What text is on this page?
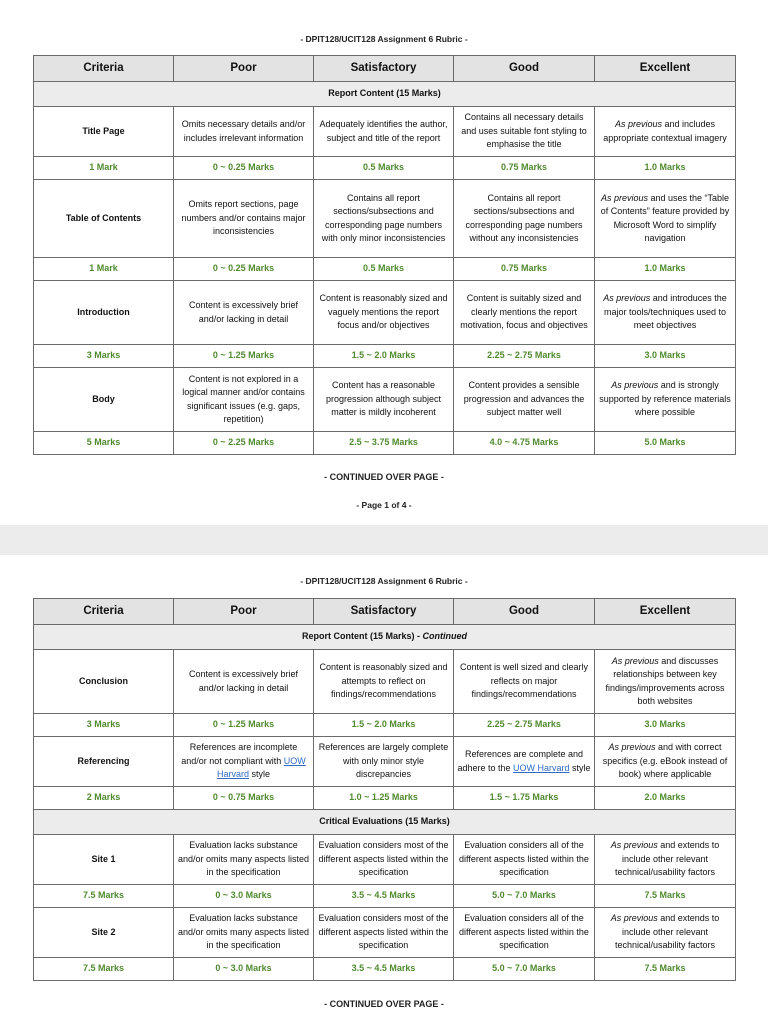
- DPIT128/UCIT128 Assignment 6 Rubric -
Criteria	Poor	Satisfactory	Good	Excellent
Report Content (15 Marks)				
Title Page	Omits necessary details and/or includes irrelevant information	Adequately identifies the author, subject and title of the report	Contains all necessary details and uses suitable font styling to emphasise the title	As previous and includes appropriate contextual imagery
1 Mark	0 ~ 0.25 Marks	0.5 Marks	0.75 Marks	1.0 Marks
Table of Contents	Omits report sections, page numbers and/or contains major inconsistencies	Contains all report sections/subsections and corresponding page numbers with only minor inconsistencies	Contains all report sections/subsections and corresponding page numbers without any inconsistencies	As previous and uses the “Table of Contents” feature provided by Microsoft Word to simplify navigation
1 Mark	0 ~ 0.25 Marks	0.5 Marks	0.75 Marks	1.0 Marks
Introduction	Content is excessively brief and/or lacking in detail	Content is reasonably sized and vaguely mentions the report focus and/or objectives	Content is suitably sized and clearly mentions the report motivation, focus and objectives	As previous and introduces the major tools/techniques used to meet objectives
3 Marks	0 ~ 1.25 Marks	1.5 ~ 2.0 Marks	2.25 ~ 2.75 Marks	3.0 Marks
Body	Content is not explored in a logical manner and/or contains significant issues (e.g. gaps, repetition)	Content has a reasonable progression although subject matter is mildly incoherent	Content provides a sensible progression and advances the subject matter well	As previous and is strongly supported by reference materials where possible
5 Marks	0 ~ 2.25 Marks	2.5 ~ 3.75 Marks	4.0 ~ 4.75 Marks	5.0 Marks
- CONTINUED OVER PAGE -
- Page 1 of 4 -
- DPIT128/UCIT128 Assignment 6 Rubric -
Criteria	Poor	Satisfactory	Good	Excellent
Report Content (15 Marks) - Continued				
Conclusion	Content is excessively brief and/or lacking in detail	Content is reasonably sized and attempts to reflect on findings/recommendations	Content is well sized and clearly reflects on major findings/recommendations	As previous and discusses relationships between key findings/improvements across both websites
3 Marks	0 ~ 1.25 Marks	1.5 ~ 2.0 Marks	2.25 ~ 2.75 Marks	3.0 Marks
Referencing	References are incomplete and/or not compliant with UOW Harvard style	References are largely complete with only minor style discrepancies	References are complete and adhere to the UOW Harvard style	As previous and with correct specifics (e.g. eBook instead of book) where applicable
2 Marks	0 ~ 0.75 Marks	1.0 ~ 1.25 Marks	1.5 ~ 1.75 Marks	2.0 Marks
Critical Evaluations (15 Marks)				
Site 1	Evaluation lacks substance and/or omits many aspects listed in the specification	Evaluation considers most of the different aspects listed within the specification	Evaluation considers all of the different aspects listed within the specification	As previous and extends to include other relevant technical/usability factors
7.5 Marks	0 ~ 3.0 Marks	3.5 ~ 4.5 Marks	5.0 ~ 7.0 Marks	7.5 Marks
Site 2	Evaluation lacks substance and/or omits many aspects listed in the specification	Evaluation considers most of the different aspects listed within the specification	Evaluation considers all of the different aspects listed within the specification	As previous and extends to include other relevant technical/usability factors
7.5 Marks	0 ~ 3.0 Marks	3.5 ~ 4.5 Marks	5.0 ~ 7.0 Marks	7.5 Marks
- CONTINUED OVER PAGE -
